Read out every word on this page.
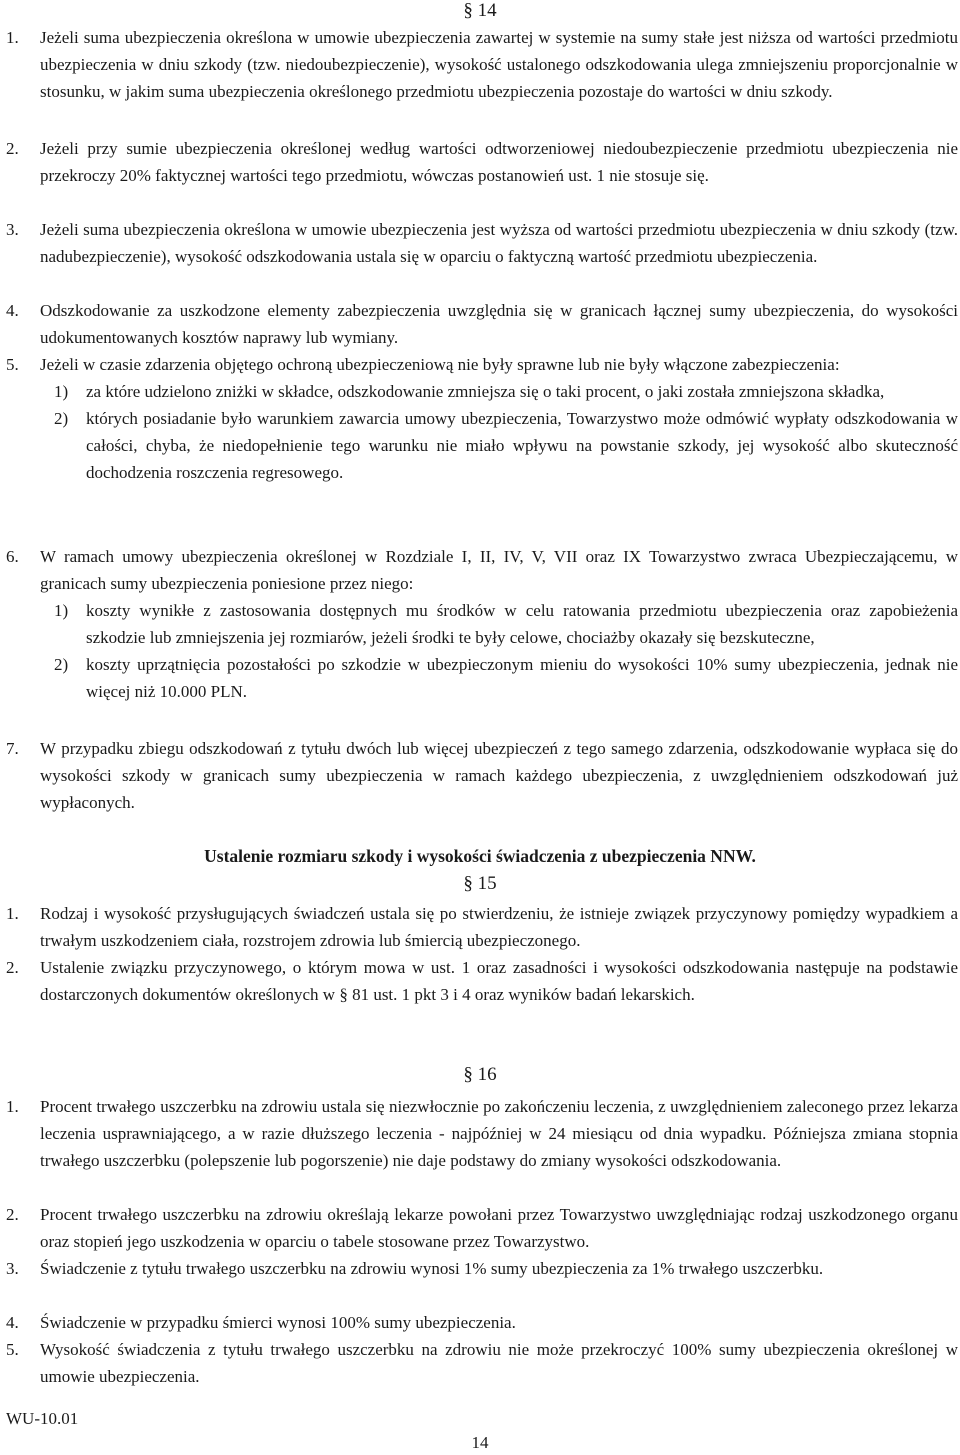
§ 14
1. Jeżeli suma ubezpieczenia określona w umowie ubezpieczenia zawartej w systemie na sumy stałe jest niższa od wartości przedmiotu ubezpieczenia w dniu szkody (tzw. niedoubezpieczenie), wysokość ustalonego odszkodowania ulega zmniejszeniu proporcjonalnie w stosunku, w jakim suma ubezpieczenia określonego przedmiotu ubezpieczenia pozostaje do wartości w dniu szkody.
2. Jeżeli przy sumie ubezpieczenia określonej według wartości odtworzeniowej niedoubezpieczenie przedmiotu ubezpieczenia nie przekroczy 20% faktycznej wartości tego przedmiotu, wówczas postanowień ust. 1 nie stosuje się.
3. Jeżeli suma ubezpieczenia określona w umowie ubezpieczenia jest wyższa od wartości przedmiotu ubezpieczenia w dniu szkody (tzw. nadubezpieczenie), wysokość odszkodowania ustala się w oparciu o faktyczną wartość przedmiotu ubezpieczenia.
4. Odszkodowanie za uszkodzone elementy zabezpieczenia uwzględnia się w granicach łącznej sumy ubezpieczenia, do wysokości udokumentowanych kosztów naprawy lub wymiany.
5. Jeżeli w czasie zdarzenia objętego ochroną ubezpieczeniową nie były sprawne lub nie były włączone zabezpieczenia:
1) za które udzielono zniżki w składce, odszkodowanie zmniejsza się o taki procent, o jaki została zmniejszona składka,
2) których posiadanie było warunkiem zawarcia umowy ubezpieczenia, Towarzystwo może odmówić wypłaty odszkodowania w całości, chyba, że niedopełnienie tego warunku nie miało wpływu na powstanie szkody, jej wysokość albo skuteczność dochodzenia roszczenia regresowego.
6. W ramach umowy ubezpieczenia określonej w Rozdziale I, II, IV, V, VII oraz IX Towarzystwo zwraca Ubezpieczającemu, w granicach sumy ubezpieczenia poniesione przez niego:
1) koszty wynikłe z zastosowania dostępnych mu środków w celu ratowania przedmiotu ubezpieczenia oraz zapobieżenia szkodzie lub zmniejszenia jej rozmiarów, jeżeli środki te były celowe, chociażby okazały się bezskuteczne,
2) koszty uprzątnięcia pozostałości po szkodzie w ubezpieczonym mieniu do wysokości 10% sumy ubezpieczenia, jednak nie więcej niż 10.000 PLN.
7. W przypadku zbiegu odszkodowań z tytułu dwóch lub więcej ubezpieczeń z tego samego zdarzenia, odszkodowanie wypłaca się do wysokości szkody w granicach sumy ubezpieczenia w ramach każdego ubezpieczenia, z uwzględnieniem odszkodowań już wypłaconych.
Ustalenie rozmiaru szkody i wysokości świadczenia z ubezpieczenia NNW.
§ 15
1. Rodzaj i wysokość przysługujących świadczeń ustala się po stwierdzeniu, że istnieje związek przyczynowy pomiędzy wypadkiem a trwałym uszkodzeniem ciała, rozstrojem zdrowia lub śmiercią ubezpieczonego.
2. Ustalenie związku przyczynowego, o którym mowa w ust. 1 oraz zasadności i wysokości odszkodowania następuje na podstawie dostarczonych dokumentów określonych w § 81 ust. 1 pkt 3 i 4 oraz wyników badań lekarskich.
§ 16
1. Procent trwałego uszczerbku na zdrowiu ustala się niezwłocznie po zakończeniu leczenia, z uwzględnieniem zaleconego przez lekarza leczenia usprawniającego, a w razie dłuższego leczenia - najpóźniej w 24 miesiącu od dnia wypadku. Późniejsza zmiana stopnia trwałego uszczerbku (polepszenie lub pogorszenie) nie daje podstawy do zmiany wysokości odszkodowania.
2. Procent trwałego uszczerbku na zdrowiu określają lekarze powołani przez Towarzystwo uwzględniając rodzaj uszkodzonego organu oraz stopień jego uszkodzenia w oparciu o tabele stosowane przez Towarzystwo.
3. Świadczenie z tytułu trwałego uszczerbku na zdrowiu wynosi 1% sumy ubezpieczenia za 1% trwałego uszczerbku.
4. Świadczenie w przypadku śmierci wynosi 100% sumy ubezpieczenia.
5. Wysokość świadczenia z tytułu trwałego uszczerbku na zdrowiu nie może przekroczyć 100% sumy ubezpieczenia określonej w umowie ubezpieczenia.
WU-10.01
14
